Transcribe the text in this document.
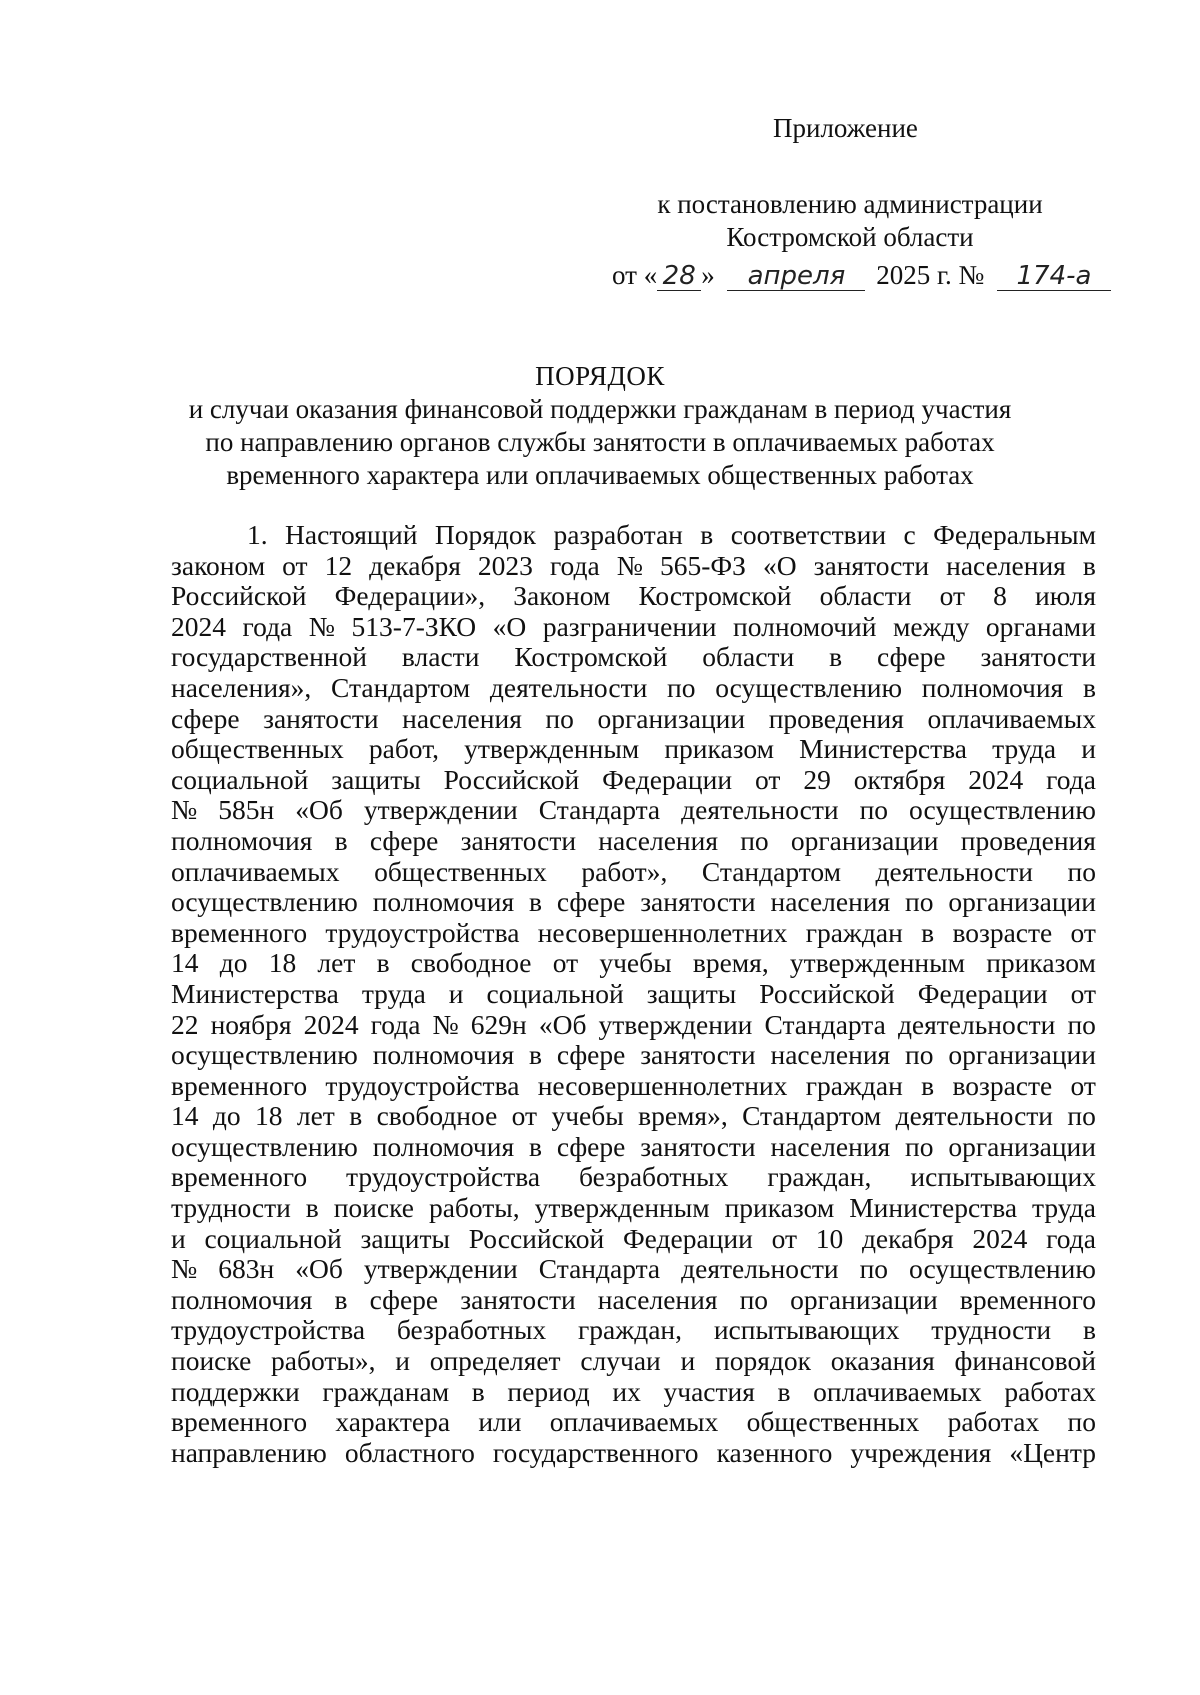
Приложение
к постановлению администрации
Костромской области
от « 28 » апреля 2025 г. № 174-а
ПОРЯДОК
и случаи оказания финансовой поддержки гражданам в период участия
по направлению органов службы занятости в оплачиваемых работах
временного характера или оплачиваемых общественных работах
1. Настоящий Порядок разработан в соответствии с Федеральным
законом от 12 декабря 2023 года № 565-ФЗ «О занятости населения в
Российской Федерации», Законом Костромской области от 8 июля
2024 года № 513-7-ЗКО «О разграничении полномочий между органами
государственной власти Костромской области в сфере занятости
населения», Стандартом деятельности по осуществлению полномочия в
сфере занятости населения по организации проведения оплачиваемых
общественных работ, утвержденным приказом Министерства труда и
социальной защиты Российской Федерации от 29 октября 2024 года
№ 585н «Об утверждении Стандарта деятельности по осуществлению
полномочия в сфере занятости населения по организации проведения
оплачиваемых общественных работ», Стандартом деятельности по
осуществлению полномочия в сфере занятости населения по организации
временного трудоустройства несовершеннолетних граждан в возрасте от
14 до 18 лет в свободное от учебы время, утвержденным приказом
Министерства труда и социальной защиты Российской Федерации от
22 ноября 2024 года № 629н «Об утверждении Стандарта деятельности по
осуществлению полномочия в сфере занятости населения по организации
временного трудоустройства несовершеннолетних граждан в возрасте от
14 до 18 лет в свободное от учебы время», Стандартом деятельности по
осуществлению полномочия в сфере занятости населения по организации
временного трудоустройства безработных граждан, испытывающих
трудности в поиске работы, утвержденным приказом Министерства труда
и социальной защиты Российской Федерации от 10 декабря 2024 года
№ 683н «Об утверждении Стандарта деятельности по осуществлению
полномочия в сфере занятости населения по организации временного
трудоустройства безработных граждан, испытывающих трудности в
поиске работы», и определяет случаи и порядок оказания финансовой
поддержки гражданам в период их участия в оплачиваемых работах
временного характера или оплачиваемых общественных работах по
направлению областного государственного казенного учреждения «Центр
